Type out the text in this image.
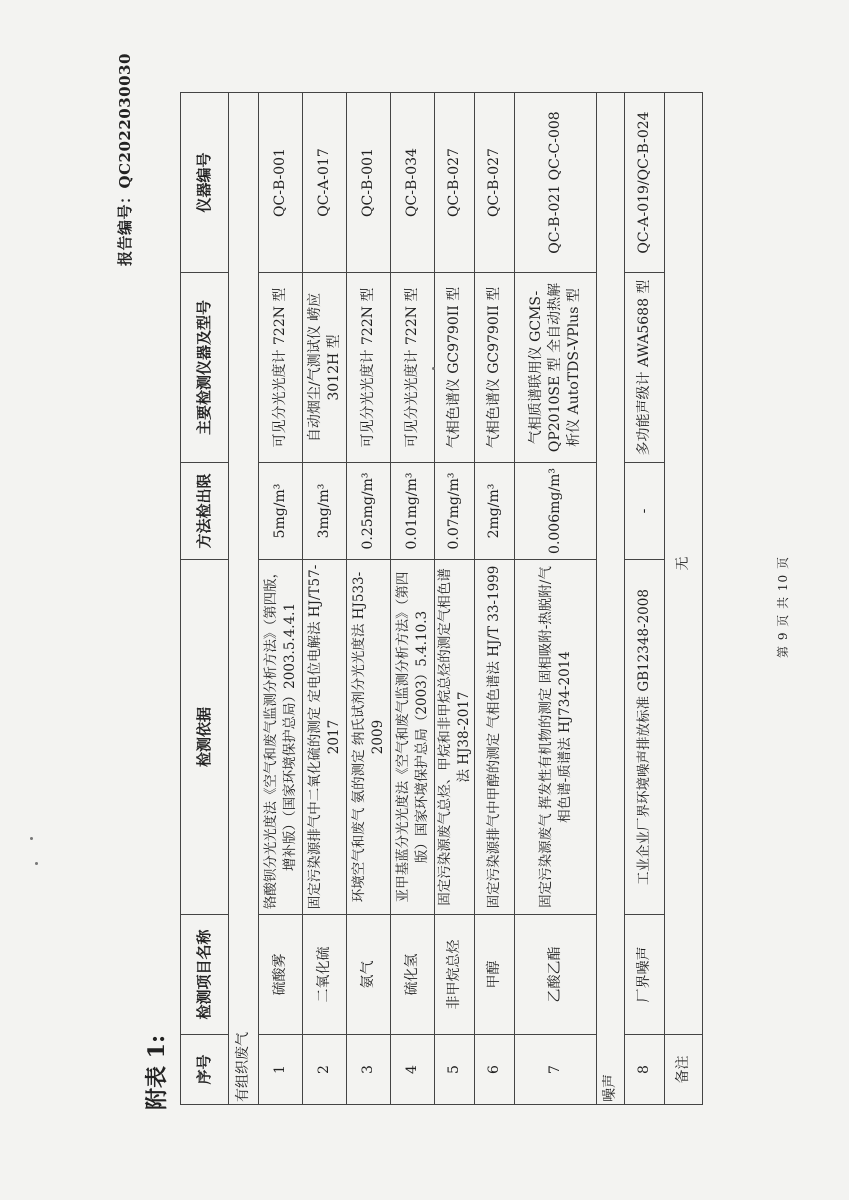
报告编号：QC2022030030
附表 1: 序号	检测项目名称	检测依据	方法检出限	主要检测仪器及型号	仪器编号
有组织废气					
1	硫酸雾	铬酸钡分光光度法《空气和废气监测分析方法》（第四版，增补版）（国家环境保护总局）2003.5.4.4.1	5mg/m³	可见分光光度计 722N 型	QC-B-001
2	二氧化硫	固定污染源排气中二氧化硫的测定 定电位电解法 HJ/T57-2017	3mg/m³	自动烟尘/气测试仪 崂应 3012H 型	QC-A-017
3	氨气	环境空气和废气 氨的测定 纳氏试剂分光光度法 HJ533-2009	0.25mg/m³	可见分光光度计 722N 型	QC-B-001
4	硫化氢	亚甲基蓝分光光度法《空气和废气监测分析方法》（第四版）国家环境保护总局（2003）5.4.10.3	0.01mg/m³	可见分光光度计 722N 型	QC-B-034
5	非甲烷总烃	固定污染源废气总烃、甲烷和非甲烷总烃的测定气相色谱法 HJ38-2017	0.07mg/m³	气相色谱仪 GC9790II 型	QC-B-027
6	甲醇	固定污染源排气中甲醇的测定 气相色谱法 HJ/T 33-1999	2mg/m³	气相色谱仪 GC9790II 型	QC-B-027
7	乙酸乙酯	固定污染源废气 挥发性有机物的测定 固相吸附-热脱附/气相色谱-质谱法 HJ734-2014	0.006mg/m³	气相质谱联用仪 GCMS-QP2010SE 型 全自动热解析仪 AutoTDS-VPlus 型	QC-B-021 QC-C-008
噪声					
8	厂界噪声	工业企业厂界环境噪声排放标准 GB12348-2008	-	多功能声级计 AWA5688 型	QC-A-019/QC-B-024
备注	无					第 9 页 共 10 页
